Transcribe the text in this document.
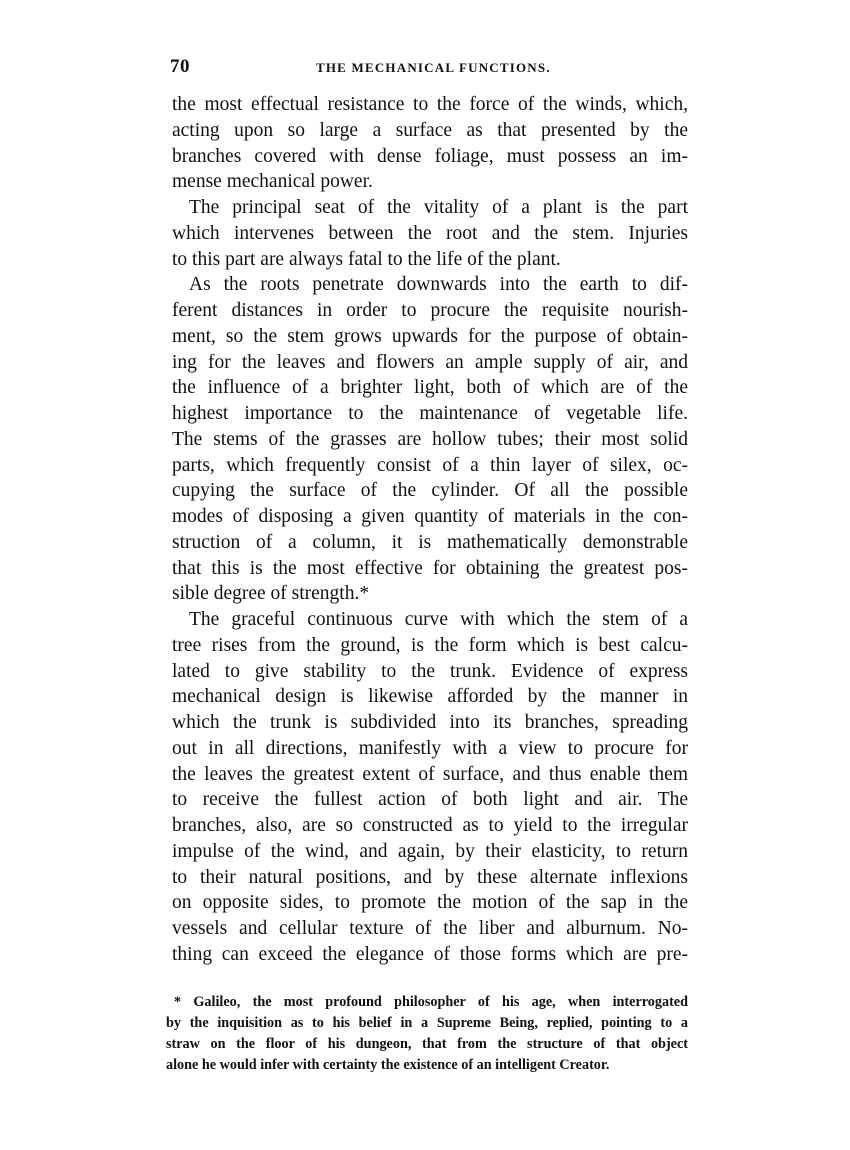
70	THE MECHANICAL FUNCTIONS.
the most effectual resistance to the force of the winds, which,
acting upon so large a surface as that presented by the
branches covered with dense foliage, must possess an im-
mense mechanical power.
The principal seat of the vitality of a plant is the part
which intervenes between the root and the stem. Injuries
to this part are always fatal to the life of the plant.
As the roots penetrate downwards into the earth to dif-
ferent distances in order to procure the requisite nourish-
ment, so the stem grows upwards for the purpose of obtain-
ing for the leaves and flowers an ample supply of air, and
the influence of a brighter light, both of which are of the
highest importance to the maintenance of vegetable life.
The stems of the grasses are hollow tubes; their most solid
parts, which frequently consist of a thin layer of silex, oc-
cupying the surface of the cylinder. Of all the possible
modes of disposing a given quantity of materials in the con-
struction of a column, it is mathematically demonstrable
that this is the most effective for obtaining the greatest pos-
sible degree of strength.*
The graceful continuous curve with which the stem of a
tree rises from the ground, is the form which is best calcu-
lated to give stability to the trunk. Evidence of express
mechanical design is likewise afforded by the manner in
which the trunk is subdivided into its branches, spreading
out in all directions, manifestly with a view to procure for
the leaves the greatest extent of surface, and thus enable them
to receive the fullest action of both light and air. The
branches, also, are so constructed as to yield to the irregular
impulse of the wind, and again, by their elasticity, to return
to their natural positions, and by these alternate inflexions
on opposite sides, to promote the motion of the sap in the
vessels and cellular texture of the liber and alburnum. No-
thing can exceed the elegance of those forms which are pre-
* Galileo, the most profound philosopher of his age, when interrogated
by the inquisition as to his belief in a Supreme Being, replied, pointing to a
straw on the floor of his dungeon, that from the structure of that object
alone he would infer with certainty the existence of an intelligent Creator.
